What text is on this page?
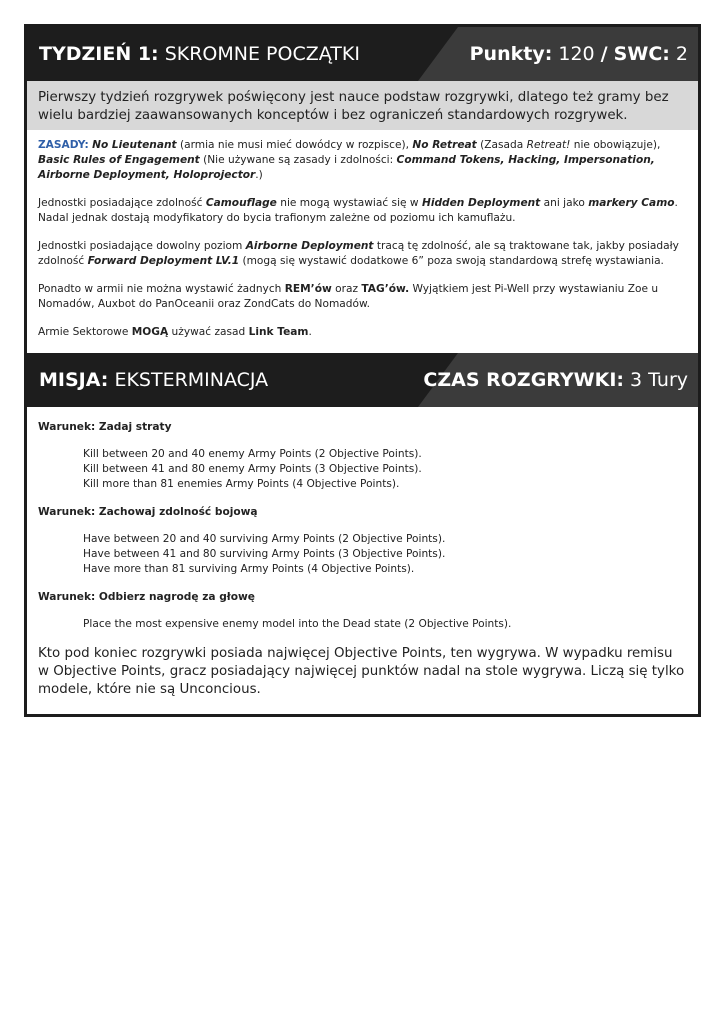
TYDZIEŃ 1: SKROMNE POCZĄTKI	Punkty: 120 / SWC: 2
Pierwszy tydzień rozgrywek poświęcony jest nauce podstaw rozgrywki, dlatego też gramy bez wielu bardziej zaawansowanych konceptów i bez ograniczeń standardowych rozgrywek.

ZASADY: No Lieutenant (armia nie musi mieć dowódcy w rozpisce), No Retreat (Zasada Retreat! nie obowiązuje), Basic Rules of Engagement (Nie używane są zasady i zdolności: Command Tokens, Hacking, Impersonation, Airborne Deployment, Holoprojector.)

Jednostki posiadające zdolność Camouflage nie mogą wystawiać się w Hidden Deployment ani jako markery Camo. Nadal jednak dostają modyfikatory do bycia trafionym zależne od poziomu ich kamuflażu.

Jednostki posiadające dowolny poziom Airborne Deployment tracą tę zdolność, ale są traktowane tak, jakby posiadały zdolność Forward Deployment LV.1 (mogą się wystawić dodatkowe 6” poza swoją standardową strefę wystawiania.

Ponadto w armii nie można wystawić żadnych REM’ów oraz TAG’ów. Wyjątkiem jest Pi-Well przy wystawianiu Zoe u Nomadów, Auxbot do PanOceanii oraz ZondCats do Nomadów.

Armie Sektorowe MOGĄ używać zasad Link Team.

MISJA: EKSTERMINACJA	CZAS ROZGRYWKI: 3 Tury
Warunek: Zadaj straty
Kill between 20 and 40 enemy Army Points (2 Objective Points).
Kill between 41 and 80 enemy Army Points (3 Objective Points).
Kill more than 81 enemies Army Points (4 Objective Points).
Warunek: Zachowaj zdolność bojową
Have between 20 and 40 surviving Army Points (2 Objective Points).
Have between 41 and 80 surviving Army Points (3 Objective Points).
Have more than 81 surviving Army Points (4 Objective Points).
Warunek: Odbierz nagrodę za głowę
Place the most expensive enemy model into the Dead state (2 Objective Points).
Kto pod koniec rozgrywki posiada najwięcej Objective Points, ten wygrywa. W wypadku remisu w Objective Points, gracz posiadający najwięcej punktów nadal na stole wygrywa. Liczą się tylko modele, które nie są Unconcious.
